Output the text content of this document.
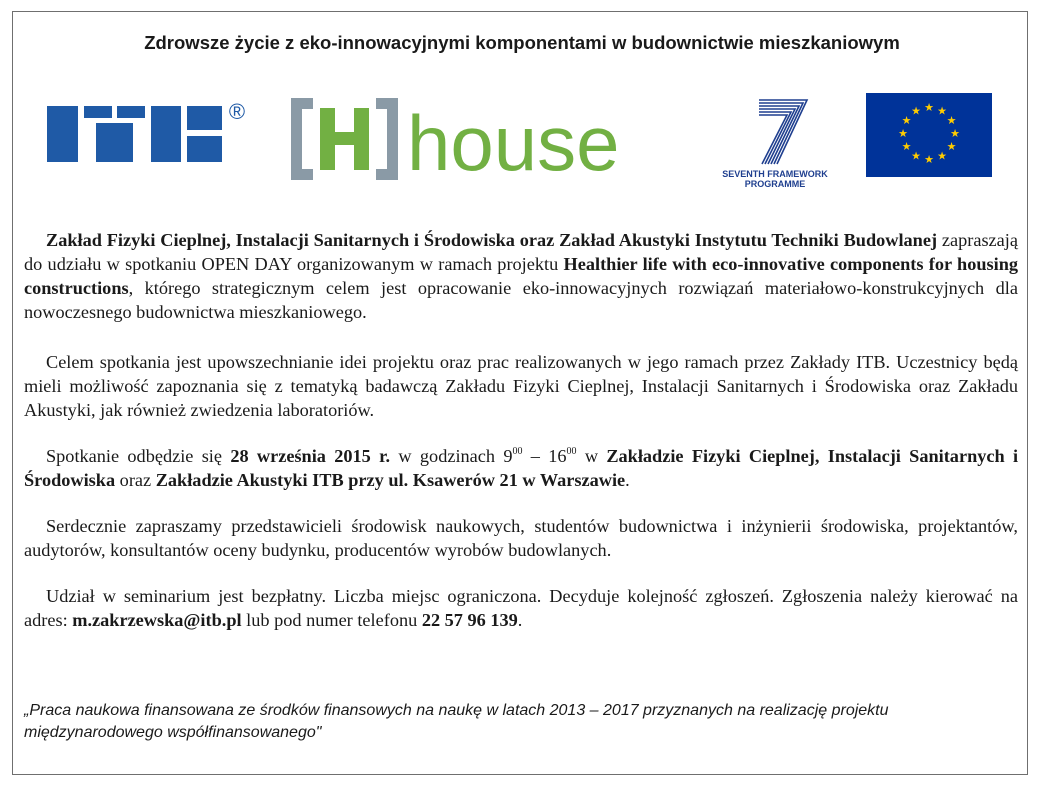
Zdrowsze życie z eko-innowacyjnymi komponentami w budownictwie mieszkaniowym
® house	SEVENTH FRAMEWORK
PROGRAMME
★ ★
★
★
★
★
★
★
★
★
★
★

Zakład Fizyki Cieplnej, Instalacji Sanitarnych i Środowiska oraz Zakład Akustyki Instytutu Techniki Budowlanej zapraszają do udziału w spotkaniu OPEN DAY organizowanym w ramach projektu Healthier life with eco-innovative components for housing constructions, którego strategicznym celem jest opracowanie eko-innowacyjnych rozwiązań materiałowo-konstrukcyjnych dla nowoczesnego budownictwa mieszkaniowego.

Celem spotkania jest upowszechnianie idei projektu oraz prac realizowanych w jego ramach przez Zakłady ITB. Uczestnicy będą mieli możliwość zapoznania się z tematyką badawczą Zakładu Fizyki Cieplnej, Instalacji Sanitarnych i Środowiska oraz Zakładu Akustyki, jak również zwiedzenia laboratoriów.

Spotkanie odbędzie się 28 września 2015 r. w godzinach $9^{00} - 16^{00}$ w Zakładzie Fizyki Cieplnej, Instalacji Sanitarnych i Środowiska oraz Zakładzie Akustyki ITB przy ul. Ksawerów 21 w Warszawie.

Serdecznie zapraszamy przedstawicieli środowisk naukowych, studentów budownictwa i inżynierii środowiska, projektantów, audytorów, konsultantów oceny budynku, producentów wyrobów budowlanych.

Udział w seminarium jest bezpłatny. Liczba miejsc ograniczona. Decyduje kolejność zgłoszeń. Zgłoszenia należy kierować na adres: m.zakrzewska@itb.pl lub pod numer telefonu 22 57 96 139.

„Praca naukowa finansowana ze środków finansowych na naukę w latach 2013 – 2017 przyznanych na realizację projektu międzynarodowego współfinansowanego"
